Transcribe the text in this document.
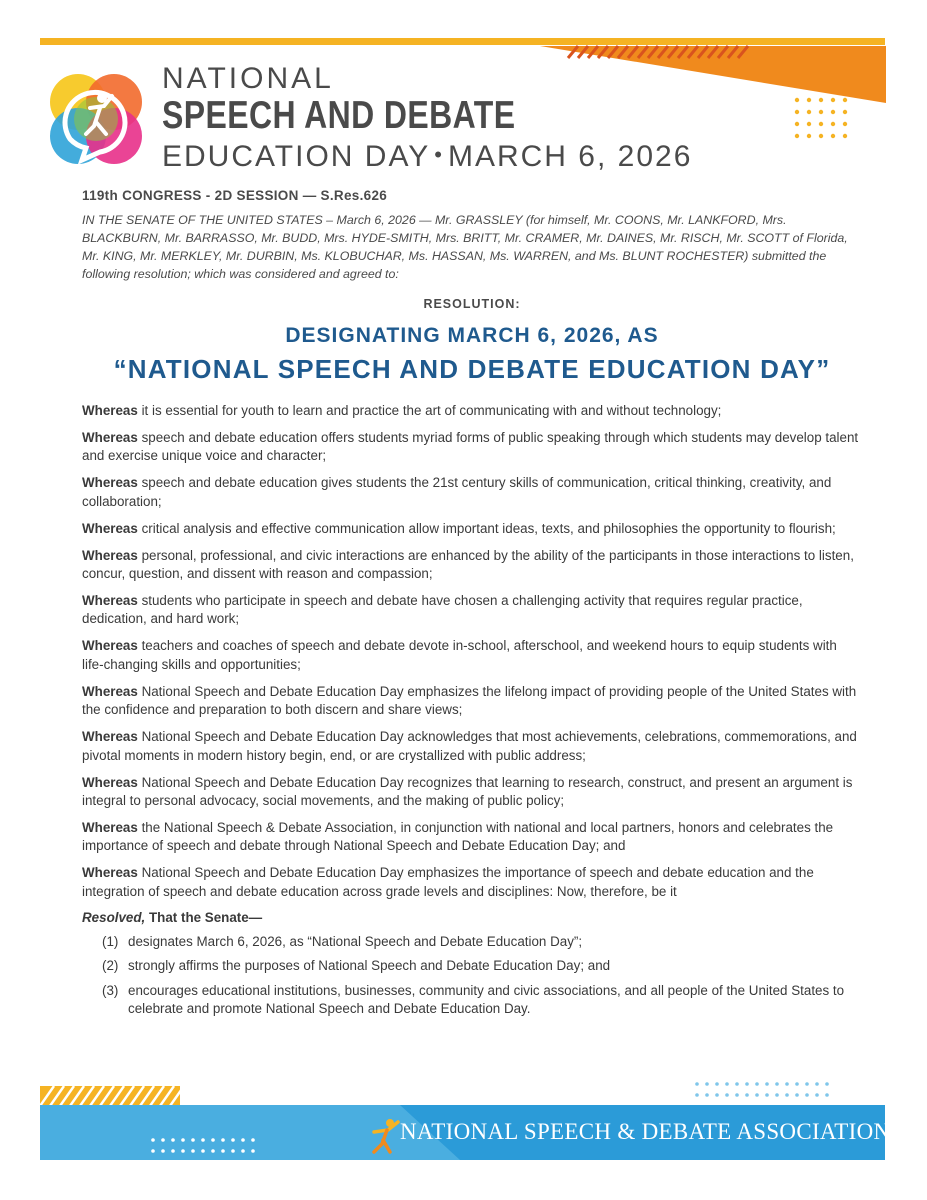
NATIONAL
SPEECH AND DEBATE
EDUCATION DAY • MARCH 6, 2026

119th CONGRESS - 2D SESSION — S.Res.626

IN THE SENATE OF THE UNITED STATES – March 6, 2026 — Mr. GRASSLEY (for himself, Mr. COONS, Mr. LANKFORD, Mrs. BLACKBURN, Mr. BARRASSO, Mr. BUDD, Mrs. HYDE-SMITH, Mrs. BRITT, Mr. CRAMER, Mr. DAINES, Mr. RISCH, Mr. SCOTT of Florida, Mr. KING, Mr. MERKLEY, Mr. DURBIN, Ms. KLOBUCHAR, Ms. HASSAN, Ms. WARREN, and Ms. BLUNT ROCHESTER) submitted the following resolution; which was considered and agreed to:

RESOLUTION:

DESIGNATING MARCH 6, 2026, AS

“NATIONAL SPEECH AND DEBATE EDUCATION DAY”

Whereas it is essential for youth to learn and practice the art of communicating with and without technology;
Whereas speech and debate education offers students myriad forms of public speaking through which students may develop talent and exercise unique voice and character;
Whereas speech and debate education gives students the 21st century skills of communication, critical thinking, creativity, and collaboration;
Whereas critical analysis and effective communication allow important ideas, texts, and philosophies the opportunity to flourish;
Whereas personal, professional, and civic interactions are enhanced by the ability of the participants in those interactions to listen, concur, question, and dissent with reason and compassion;
Whereas students who participate in speech and debate have chosen a challenging activity that requires regular practice, dedication, and hard work;
Whereas teachers and coaches of speech and debate devote in-school, afterschool, and weekend hours to equip students with life-changing skills and opportunities;
Whereas National Speech and Debate Education Day emphasizes the lifelong impact of providing people of the United States with the confidence and preparation to both discern and share views;
Whereas National Speech and Debate Education Day acknowledges that most achievements, celebrations, commemorations, and pivotal moments in modern history begin, end, or are crystallized with public address;
Whereas National Speech and Debate Education Day recognizes that learning to research, construct, and present an argument is integral to personal advocacy, social movements, and the making of public policy;
Whereas the National Speech & Debate Association, in conjunction with national and local partners, honors and celebrates the importance of speech and debate through National Speech and Debate Education Day; and
Whereas National Speech and Debate Education Day emphasizes the importance of speech and debate education and the integration of speech and debate education across grade levels and disciplines: Now, therefore, be it

Resolved, That the Senate—

(1) designates March 6, 2026, as “National Speech and Debate Education Day”;
(2) strongly affirms the purposes of National Speech and Debate Education Day; and
(3) encourages educational institutions, businesses, community and civic associations, and all people of the United States to celebrate and promote National Speech and Debate Education Day.
NATIONAL SPEECH & DEBATE ASSOCIATION
